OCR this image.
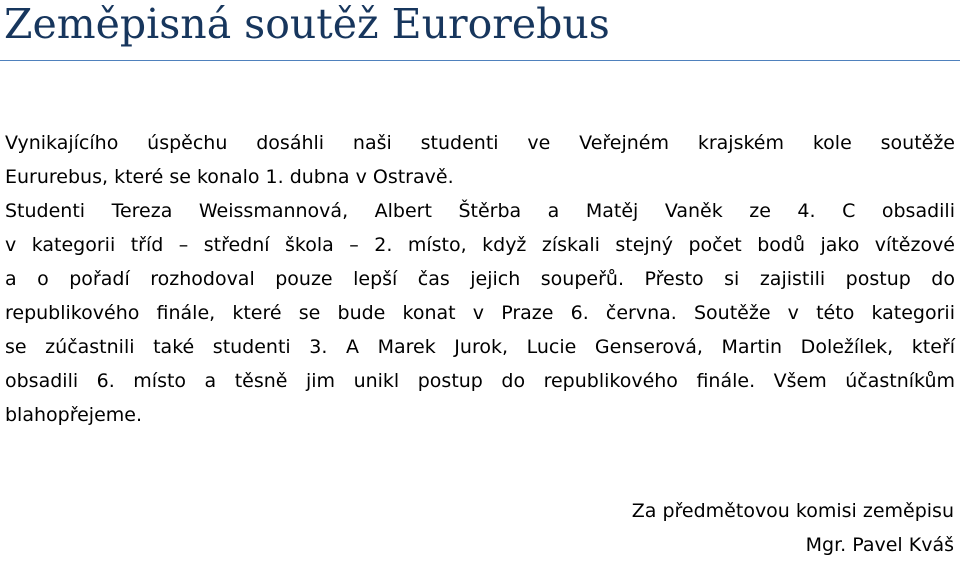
Zeměpisná soutěž Eurorebus

Vynikajícího úspěchu dosáhli naši studenti ve Veřejném krajském kole soutěže

Eururebus, které se konalo 1. dubna v Ostravě.

Studenti Tereza Weissmannová, Albert Štěrba a Matěj Vaněk ze 4. C obsadili

v kategorii tříd – střední škola – 2. místo, když získali stejný počet bodů jako vítězové

a o pořadí rozhodoval pouze lepší čas jejich soupeřů. Přesto si zajistili postup do

republikového finále, které se bude konat v Praze 6. června. Soutěže v této kategorii

se zúčastnili také studenti 3. A Marek Jurok, Lucie Genserová, Martin Doležílek, kteří

obsadili 6. místo a těsně jim unikl postup do republikového finále. Všem účastníkům

blahopřejeme.

Za předmětovou komisi zeměpisu

Mgr. Pavel Kváš
